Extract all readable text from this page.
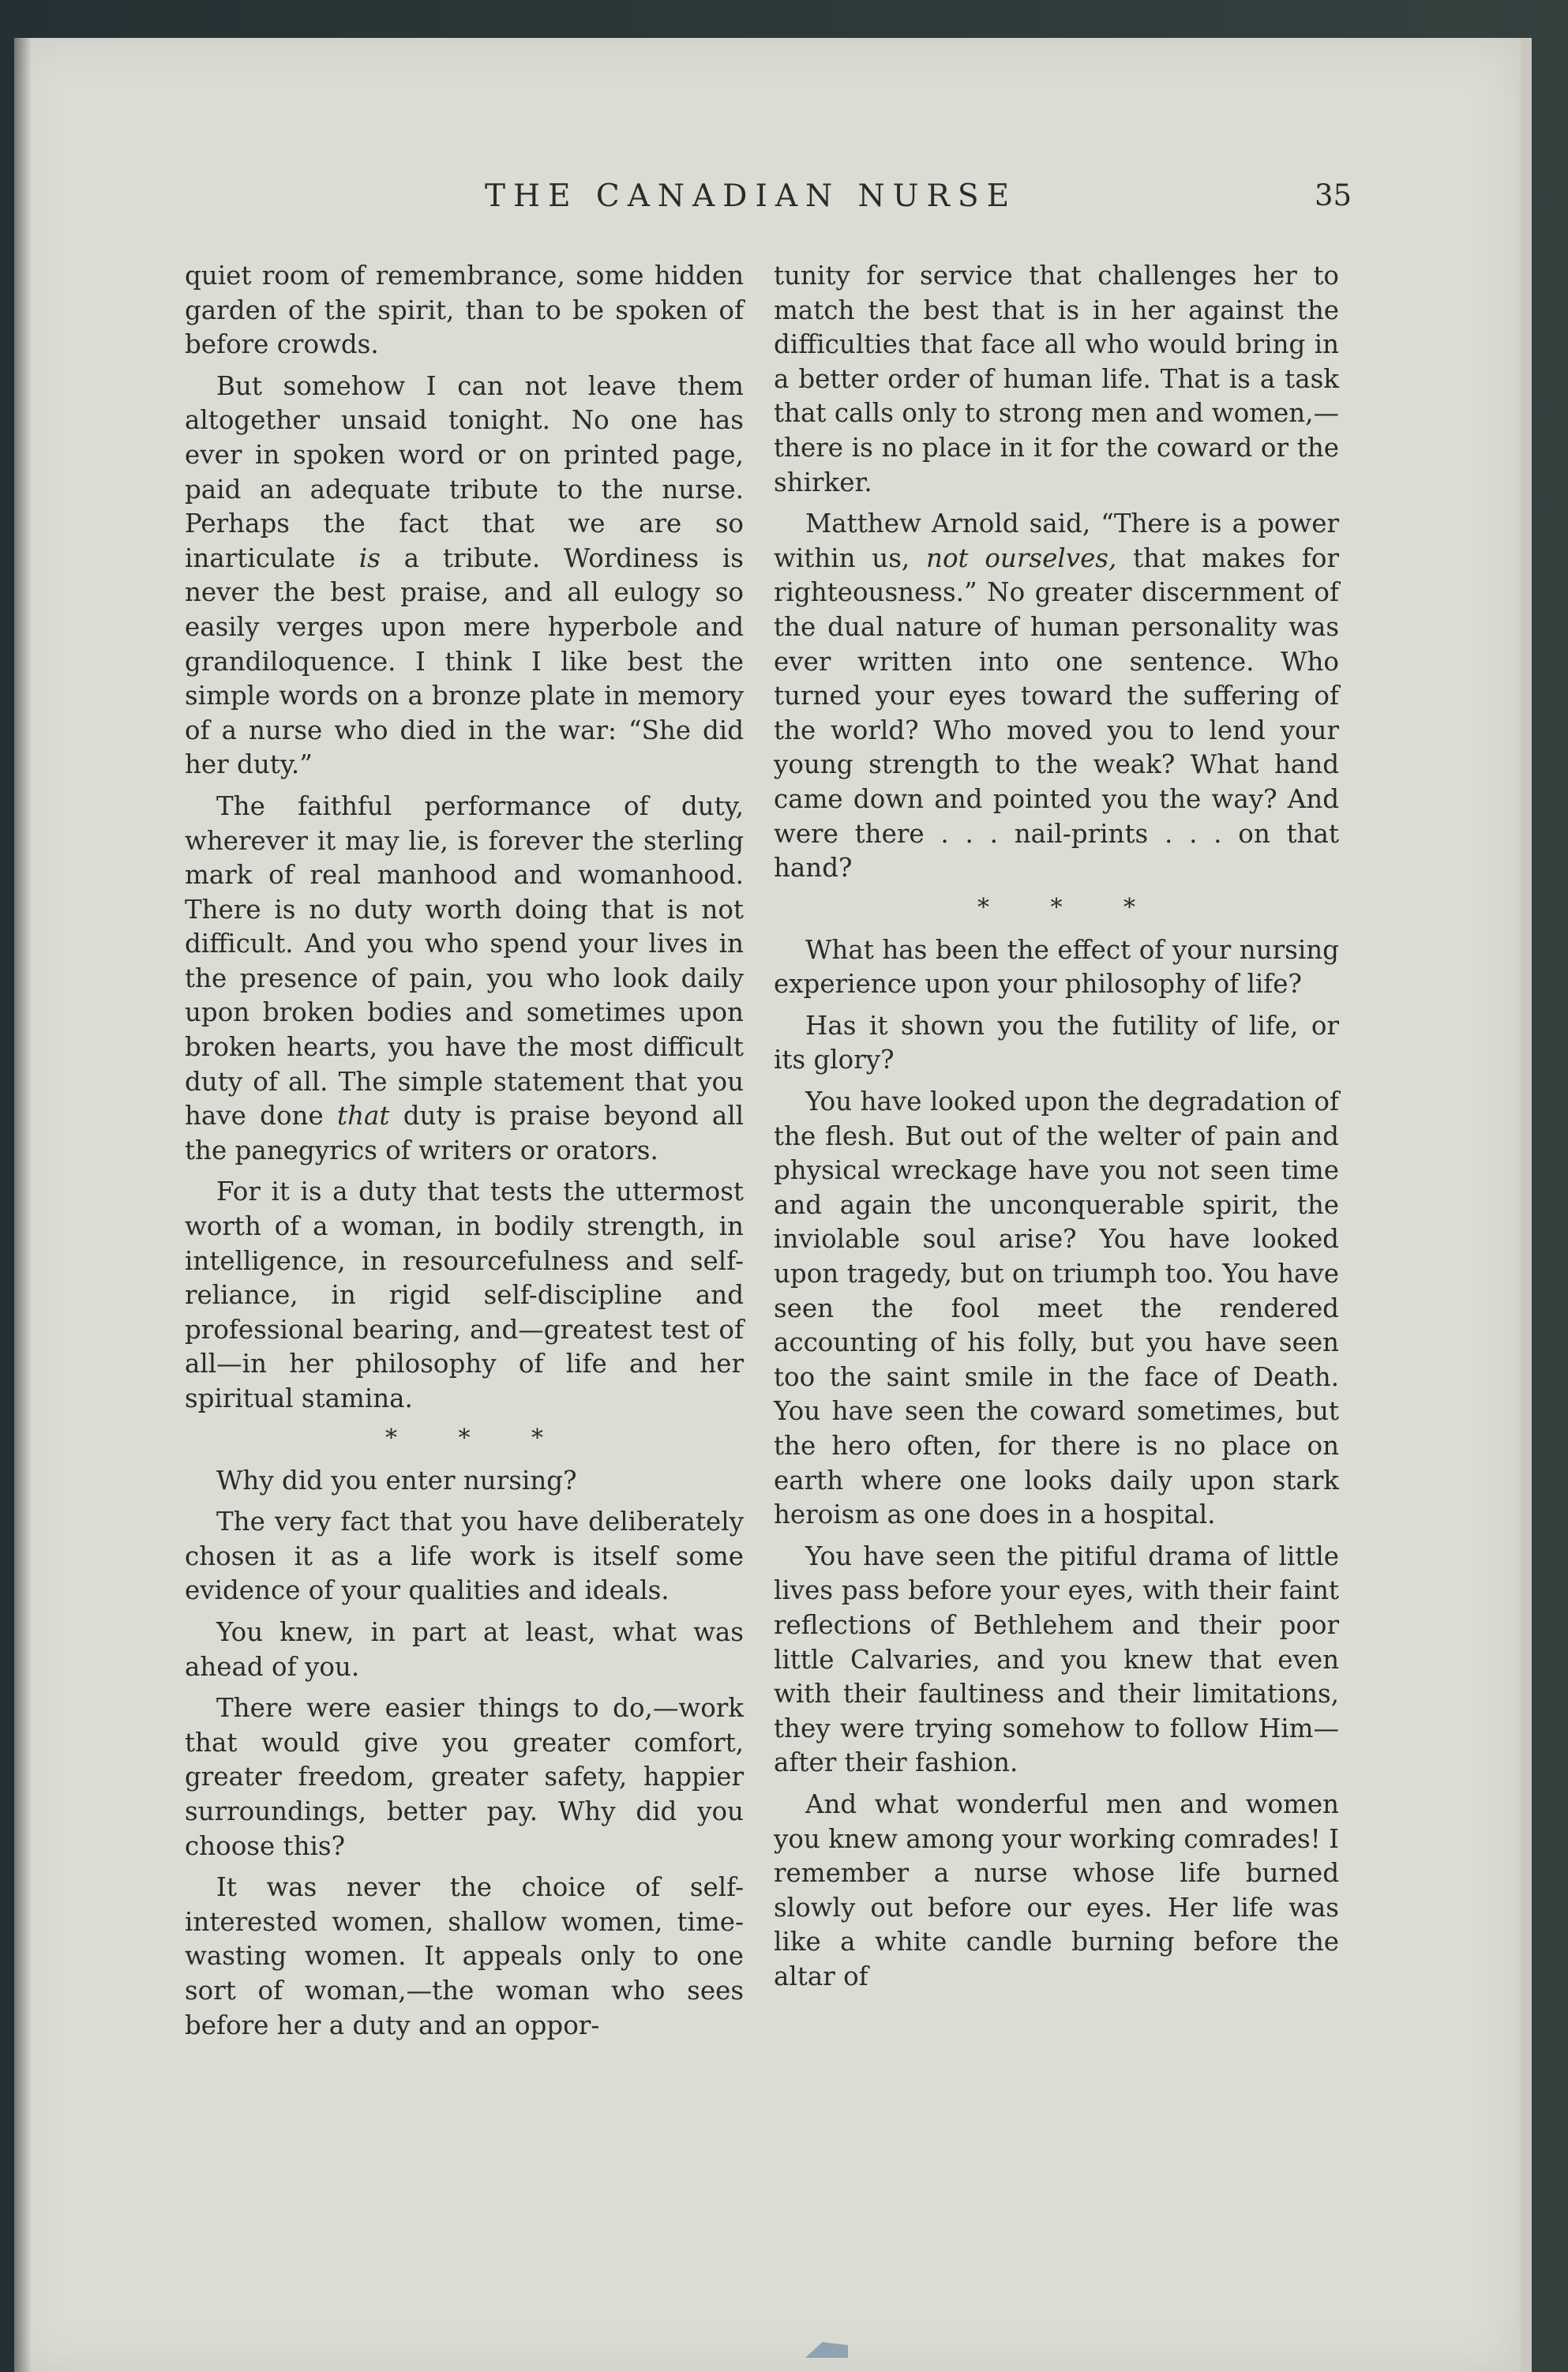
THE CANADIAN NURSE	35

quiet room of remembrance, some hidden garden of the spirit, than to be spoken of before crowds.

But somehow I can not leave them altogether unsaid tonight. No one has ever in spoken word or on printed page, paid an adequate tribute to the nurse. Perhaps the fact that we are so inarticulate is a tribute. Wordiness is never the best praise, and all eulogy so easily verges upon mere hyperbole and grandiloquence. I think I like best the simple words on a bronze plate in memory of a nurse who died in the war: “She did her duty.”

The faithful performance of duty, wherever it may lie, is forever the sterling mark of real manhood and womanhood. There is no duty worth doing that is not difficult. And you who spend your lives in the presence of pain, you who look daily upon broken bodies and sometimes upon broken hearts, you have the most difficult duty of all. The simple statement that you have done that duty is praise beyond all the panegyrics of writers or orators.

For it is a duty that tests the uttermost worth of a woman, in bodily strength, in intelligence, in resourcefulness and self-reliance, in rigid self-discipline and professional bearing, and—greatest test of all—in her philosophy of life and her spiritual stamina.

* * *

Why did you enter nursing?

The very fact that you have deliberately chosen it as a life work is itself some evidence of your qualities and ideals.

You knew, in part at least, what was ahead of you.

There were easier things to do,—work that would give you greater comfort, greater freedom, greater safety, happier surroundings, better pay. Why did you choose this?

It was never the choice of self-interested women, shallow women, time-wasting women. It appeals only to one sort of woman,—the woman who sees before her a duty and an oppor-

tunity for service that challenges her to match the best that is in her against the difficulties that face all who would bring in a better order of human life. That is a task that calls only to strong men and women,—there is no place in it for the coward or the shirker.

Matthew Arnold said, “There is a power within us, not ourselves, that makes for righteousness.” No greater discernment of the dual nature of human personality was ever written into one sentence. Who turned your eyes toward the suffering of the world? Who moved you to lend your young strength to the weak? What hand came down and pointed you the way? And were there . . . nail-prints . . . on that hand?

* * *

What has been the effect of your nursing experience upon your philosophy of life?

Has it shown you the futility of life, or its glory?

You have looked upon the degradation of the flesh. But out of the welter of pain and physical wreckage have you not seen time and again the unconquerable spirit, the inviolable soul arise? You have looked upon tragedy, but on triumph too. You have seen the fool meet the rendered accounting of his folly, but you have seen too the saint smile in the face of Death. You have seen the coward sometimes, but the hero often, for there is no place on earth where one looks daily upon stark heroism as one does in a hospital.

You have seen the pitiful drama of little lives pass before your eyes, with their faint reflections of Bethlehem and their poor little Calvaries, and you knew that even with their faultiness and their limitations, they were trying somehow to follow Him—after their fashion.

And what wonderful men and women you knew among your working comrades! I remember a nurse whose life burned slowly out before our eyes. Her life was like a white candle burning before the altar of
